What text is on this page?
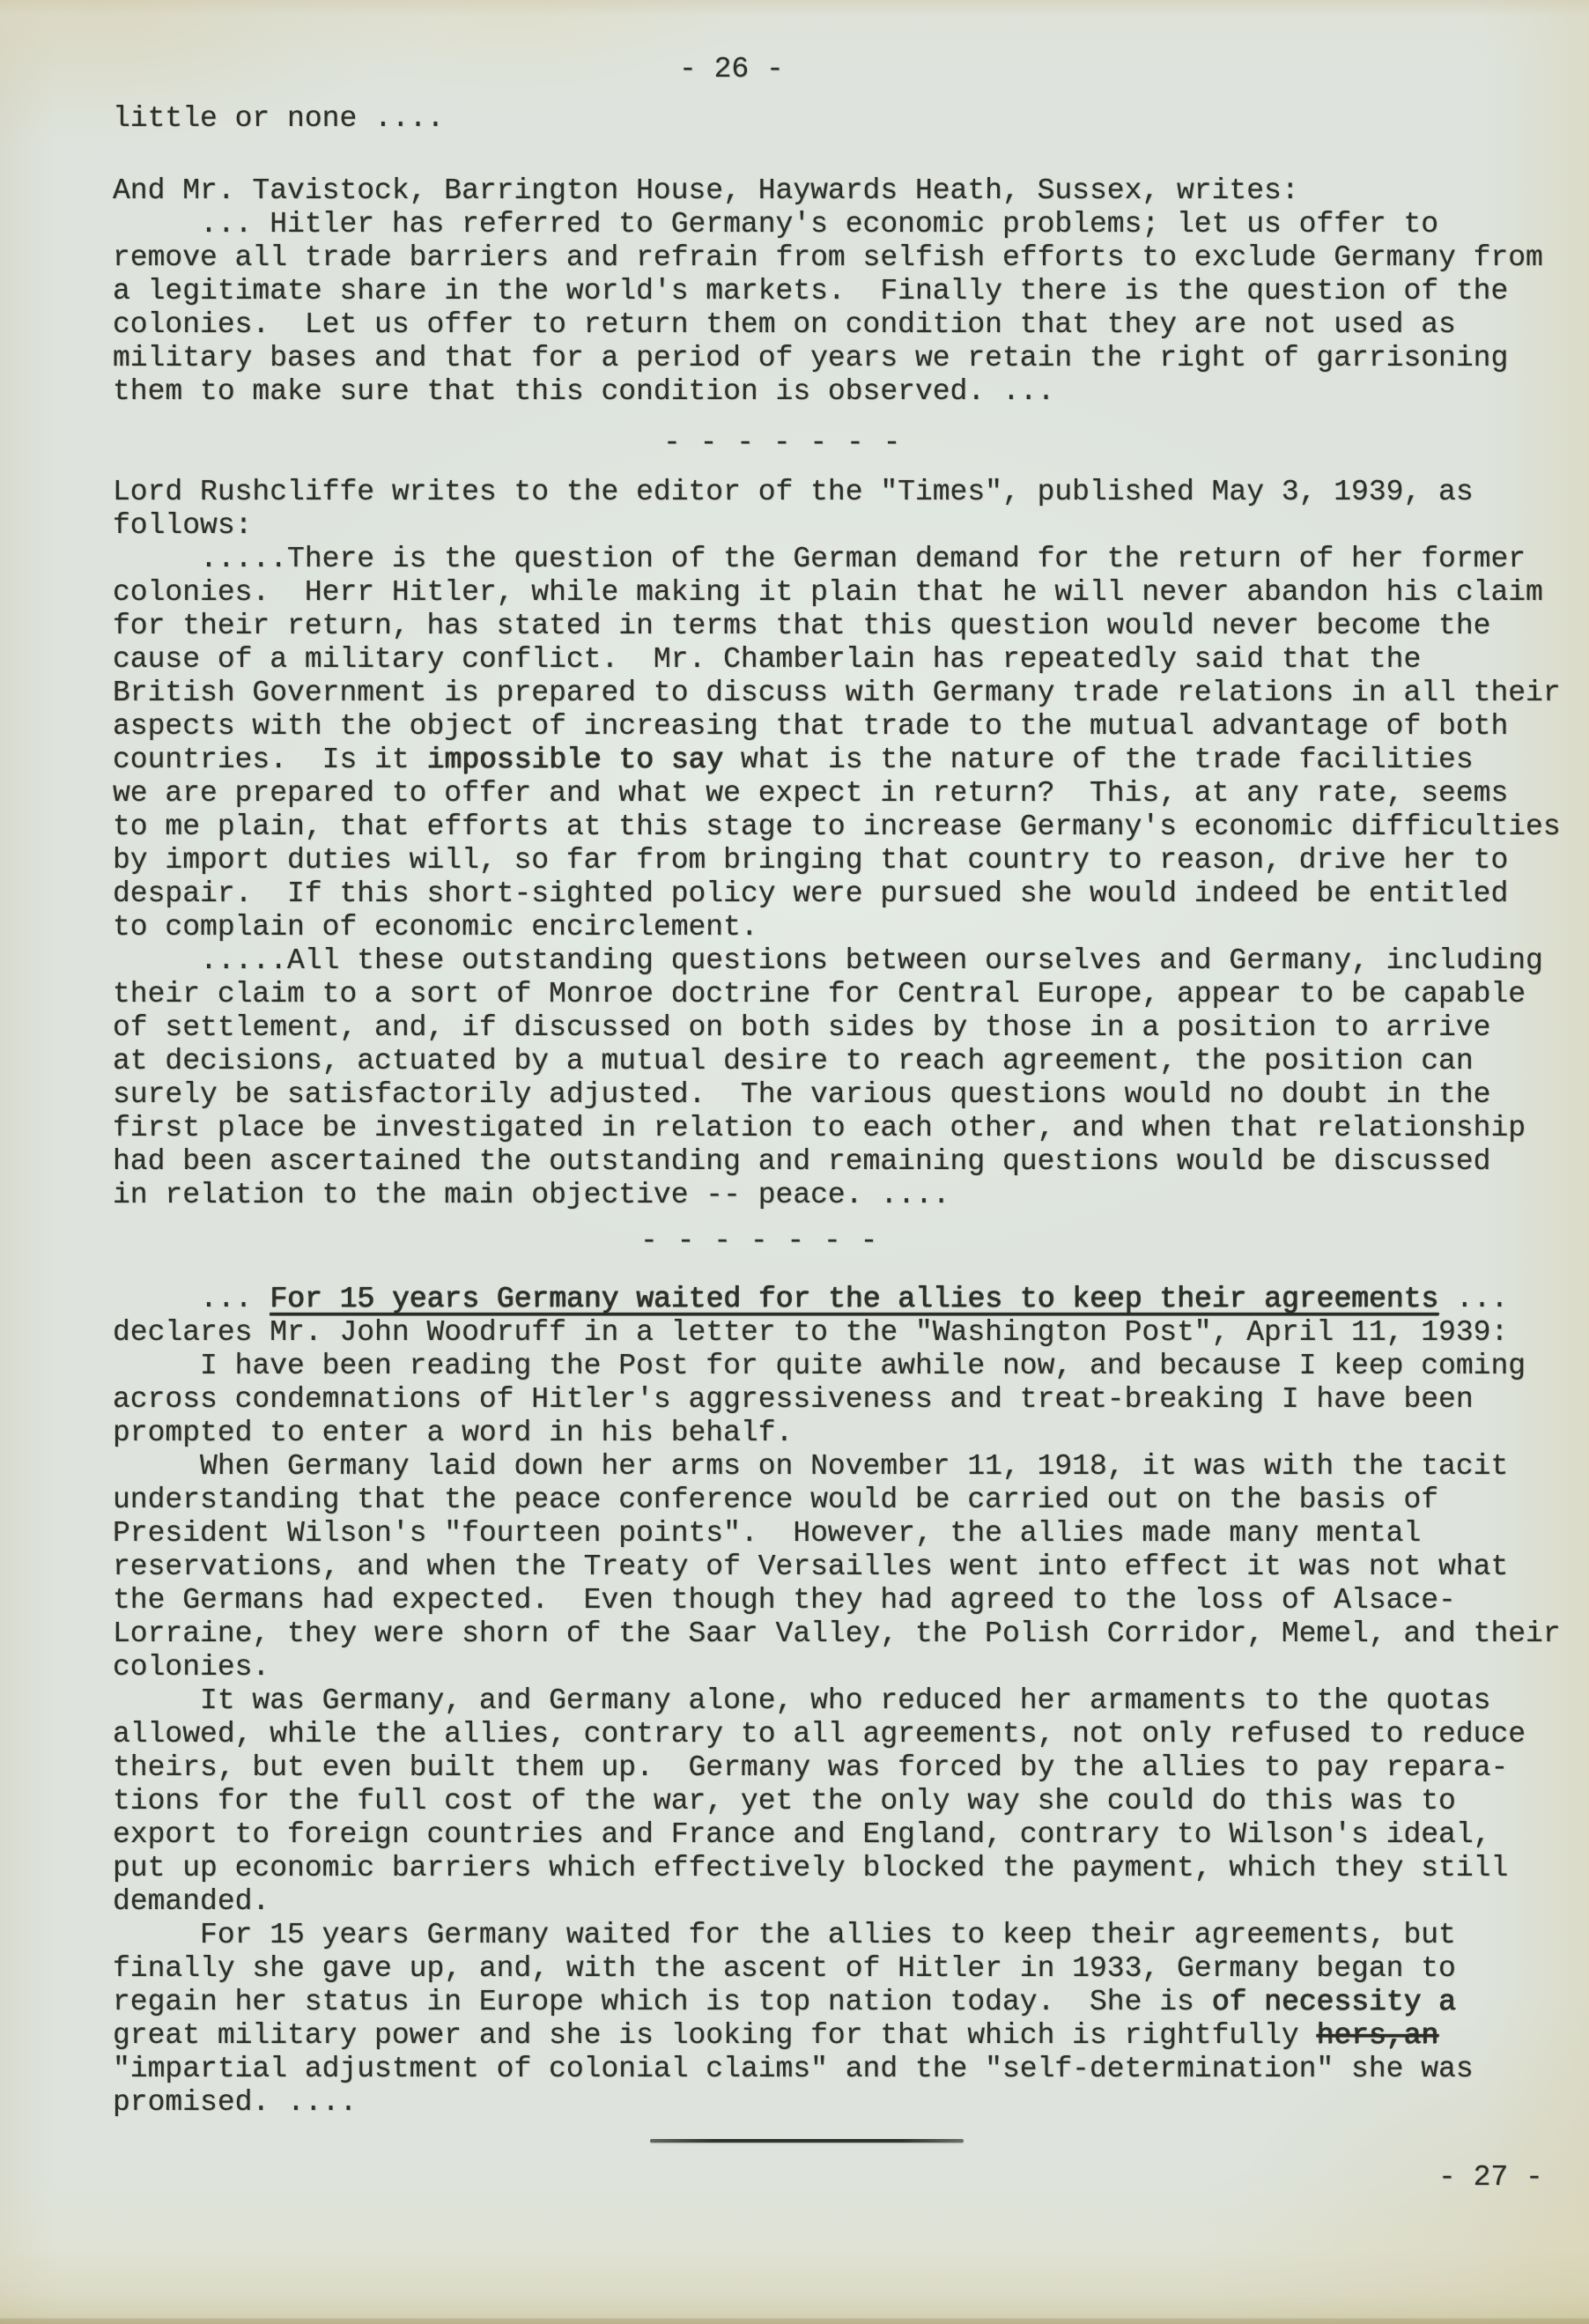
- 26 -
little or none ....
And Mr. Tavistock, Barrington House, Haywards Heath, Sussex, writes:
... Hitler has referred to Germany's economic problems; let us offer to
remove all trade barriers and refrain from selfish efforts to exclude Germany from
a legitimate share in the world's markets.  Finally there is the question of the
colonies.  Let us offer to return them on condition that they are not used as
military bases and that for a period of years we retain the right of garrisoning
them to make sure that this condition is observed. ...
- - - - - - -
Lord Rushcliffe writes to the editor of the "Times", published May 3, 1939, as
follows:
.....There is the question of the German demand for the return of her former
colonies.  Herr Hitler, while making it plain that he will never abandon his claim
for their return, has stated in terms that this question would never become the
cause of a military conflict.  Mr. Chamberlain has repeatedly said that the
British Government is prepared to discuss with Germany trade relations in all their
aspects with the object of increasing that trade to the mutual advantage of both
countries.  Is it impossible to say what is the nature of the trade facilities
we are prepared to offer and what we expect in return?  This, at any rate, seems
to me plain, that efforts at this stage to increase Germany's economic difficulties
by import duties will, so far from bringing that country to reason, drive her to
despair.  If this short-sighted policy were pursued she would indeed be entitled
to complain of economic encirclement.
.....All these outstanding questions between ourselves and Germany, including
their claim to a sort of Monroe doctrine for Central Europe, appear to be capable
of settlement, and, if discussed on both sides by those in a position to arrive
at decisions, actuated by a mutual desire to reach agreement, the position can
surely be satisfactorily adjusted.  The various questions would no doubt in the
first place be investigated in relation to each other, and when that relationship
had been ascertained the outstanding and remaining questions would be discussed
in relation to the main objective -- peace. ....
- - - - - - -
... For 15 years Germany waited for the allies to keep their agreements ...
declares Mr. John Woodruff in a letter to the "Washington Post", April 11, 1939:
I have been reading the Post for quite awhile now, and because I keep coming
across condemnations of Hitler's aggressiveness and treat-breaking I have been
prompted to enter a word in his behalf.
When Germany laid down her arms on November 11, 1918, it was with the tacit
understanding that the peace conference would be carried out on the basis of
President Wilson's "fourteen points".  However, the allies made many mental
reservations, and when the Treaty of Versailles went into effect it was not what
the Germans had expected.  Even though they had agreed to the loss of Alsace-
Lorraine, they were shorn of the Saar Valley, the Polish Corridor, Memel, and their
colonies.
It was Germany, and Germany alone, who reduced her armaments to the quotas
allowed, while the allies, contrary to all agreements, not only refused to reduce
theirs, but even built them up.  Germany was forced by the allies to pay repara-
tions for the full cost of the war, yet the only way she could do this was to
export to foreign countries and France and England, contrary to Wilson's ideal,
put up economic barriers which effectively blocked the payment, which they still
demanded.
For 15 years Germany waited for the allies to keep their agreements, but
finally she gave up, and, with the ascent of Hitler in 1933, Germany began to
regain her status in Europe which is top nation today.  She is of necessity a
great military power and she is looking for that which is rightfully hers,an
"impartial adjustment of colonial claims" and the "self-determination" she was
promised. ....
- 27 -
